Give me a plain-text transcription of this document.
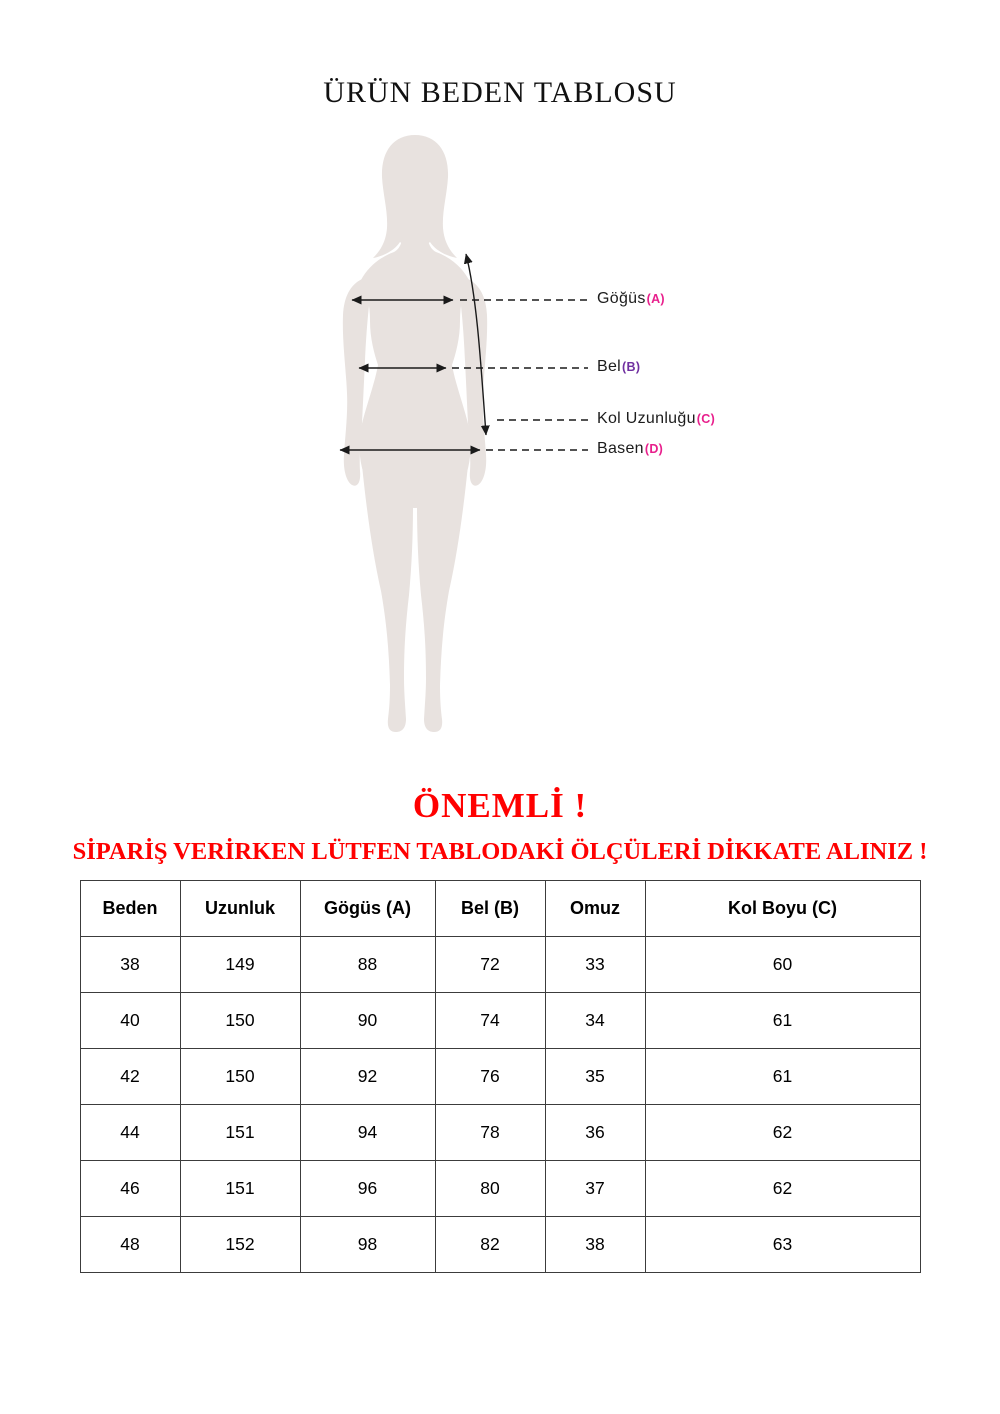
ÜRÜN BEDEN TABLOSU
Göğüs(A)
Bel(B)
Kol Uzunluğu(C)
Basen(D)
ÖNEMLİ !
SİPARİŞ VERİRKEN LÜTFEN TABLODAKİ ÖLÇÜLERİ DİKKATE ALINIZ !
Beden	Uzunluk	Gögüs (A)	Bel (B)	Omuz	Kol Boyu (C)
38	149	88	72	33	60
40	150	90	74	34	61
42	150	92	76	35	61
44	151	94	78	36	62
46	151	96	80	37	62
48	152	98	82	38	63
